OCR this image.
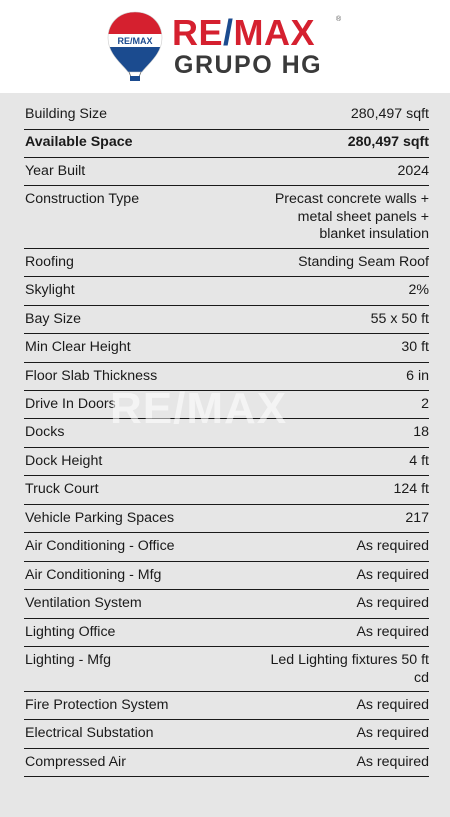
RE/MAX RE/MAX	®
GRUPO HG
Building Size	280,497 sqft
Available Space	280,497 sqft
Year Built	2024
Construction Type	Precast concrete walls +
metal sheet panels +
blanket insulation
Roofing	Standing Seam Roof
Skylight	2%
Bay Size	55 x 50 ft
Min Clear Height	30 ft
Floor Slab Thickness	6 in
Drive In Doors	2
Docks	18
Dock Height	4 ft
Truck Court	124 ft
Vehicle Parking Spaces	217
Air Conditioning - Office	As required
Air Conditioning - Mfg	As required
Ventilation System	As required
Lighting Office	As required
Lighting - Mfg	Led Lighting fixtures 50 ft
cd
Fire Protection System	As required
Electrical Substation	As required
Compressed Air	As required
RE/MAX
